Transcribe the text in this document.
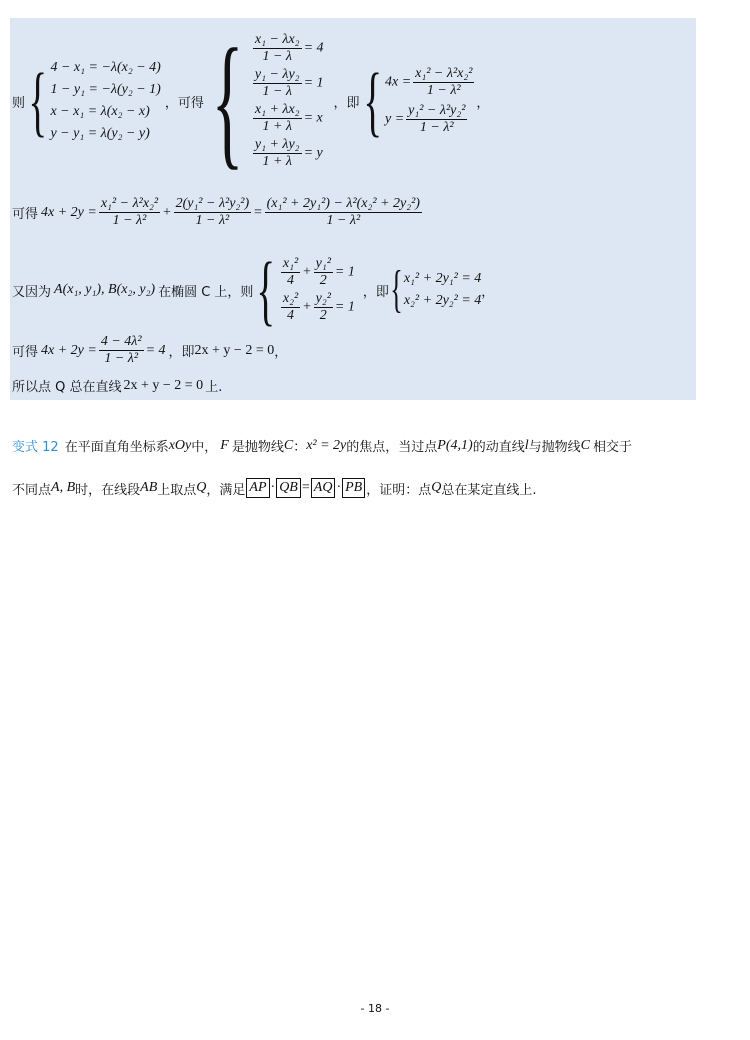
则 { 4 − x₁ = −λ(x₂ − 4)
1 − y₁ = −λ(y₂ − 1)
x − x₁ = λ(x₂ − x)
y − y₁ = λ(y₂ − y)
，可得 { $\frac{\text{x₁ − λx₂}}{1 - \lambda} = 4$
$\frac{\text{y₁ − λy₂}}{1 - \lambda} = 1$
$\frac{\text{x₁ + λx₂}}{1 + \lambda} = x$
$\frac{\text{y₁ + λy₂}}{1 + \lambda} = y$
，即 { $4x = \frac{\text{x₁² − λ²x₂²}}{\text{1 − λ²}}$
$y = \frac{\text{y₁² − λ²y₂²}}{\text{1 − λ²}}$ ，
可得 $4x + 2y = \frac{\text{x₁² − λ²x₂²}}{\text{1 − λ²}} + \frac{\text{2(y₁² − λ²y₂²)}}{\text{1 − λ²}} = \frac{\text{(x₁² + 2y₁²) − λ²(x₂² + 2y₂²)}}{\text{1 − λ²}}$
又因为 A(x₁, y₁), B(x₂, y₂) 在椭圆 C 上，则 { $\frac{\text{x₁²}}{4} + \frac{\text{y₁²}}{2} = 1$
$\frac{\text{x₂²}}{4} + \frac{\text{y₂²}}{2} = 1$
，即 { x₁² + 2y₁² = 4
x₂² + 2y₂² = 4
，
可得 $4x + 2y = \frac{\text{4 − 4λ²}}{\text{1 − λ²}} = 4$ ，即 2x + y − 2 = 0 ，
所以点 Q 总在直线 2x + y − 2 = 0 上.
变式 12 在平面直角坐标系 xOy 中， F 是抛物线 C ： x² = 2y 的焦点，当过点 P(4,1) 的动直线 l 与抛物线 C 相交于
不同点 A, B 时，在线段 AB 上取点 Q ，满足 AP · QB = AQ · PB ，证明：点 Q 总在某定直线上.
- 18 -
